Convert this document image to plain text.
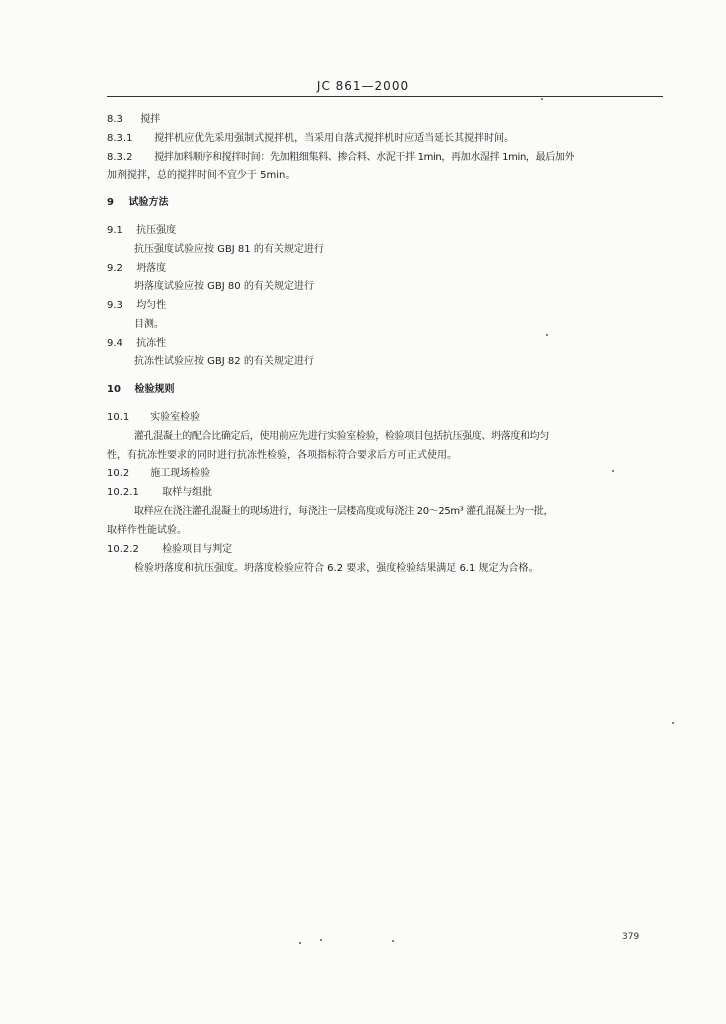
JC 861—2000
8.3 搅拌
8.3.1 搅拌机应优先采用强制式搅拌机，当采用自落式搅拌机时应适当延长其搅拌时间。
8.3.2 搅拌加料顺序和搅拌时间：先加粗细集料、掺合料、水泥干拌 1min，再加水湿拌 1min，最后加外
加剂搅拌，总的搅拌时间不宜少于 5min。
9 试验方法
9.1 抗压强度
抗压强度试验应按 GBJ 81 的有关规定进行
9.2 坍落度
坍落度试验应按 GBJ 80 的有关规定进行
9.3 均匀性
目测。
9.4 抗冻性
抗冻性试验应按 GBJ 82 的有关规定进行
10 检验规则
10.1 实验室检验
灌孔混凝土的配合比确定后，使用前应先进行实验室检验，检验项目包括抗压强度、坍落度和均匀
性，有抗冻性要求的同时进行抗冻性检验，各项指标符合要求后方可正式使用。
10.2 施工现场检验
10.2.1 取样与组批
取样应在浇注灌孔混凝土的现场进行，每浇注一层楼高度或每浇注 20～25m³ 灌孔混凝土为一批，
取样作性能试验。
10.2.2 检验项目与判定
检验坍落度和抗压强度。坍落度检验应符合 6.2 要求，强度检验结果满足 6.1 规定为合格。
379
